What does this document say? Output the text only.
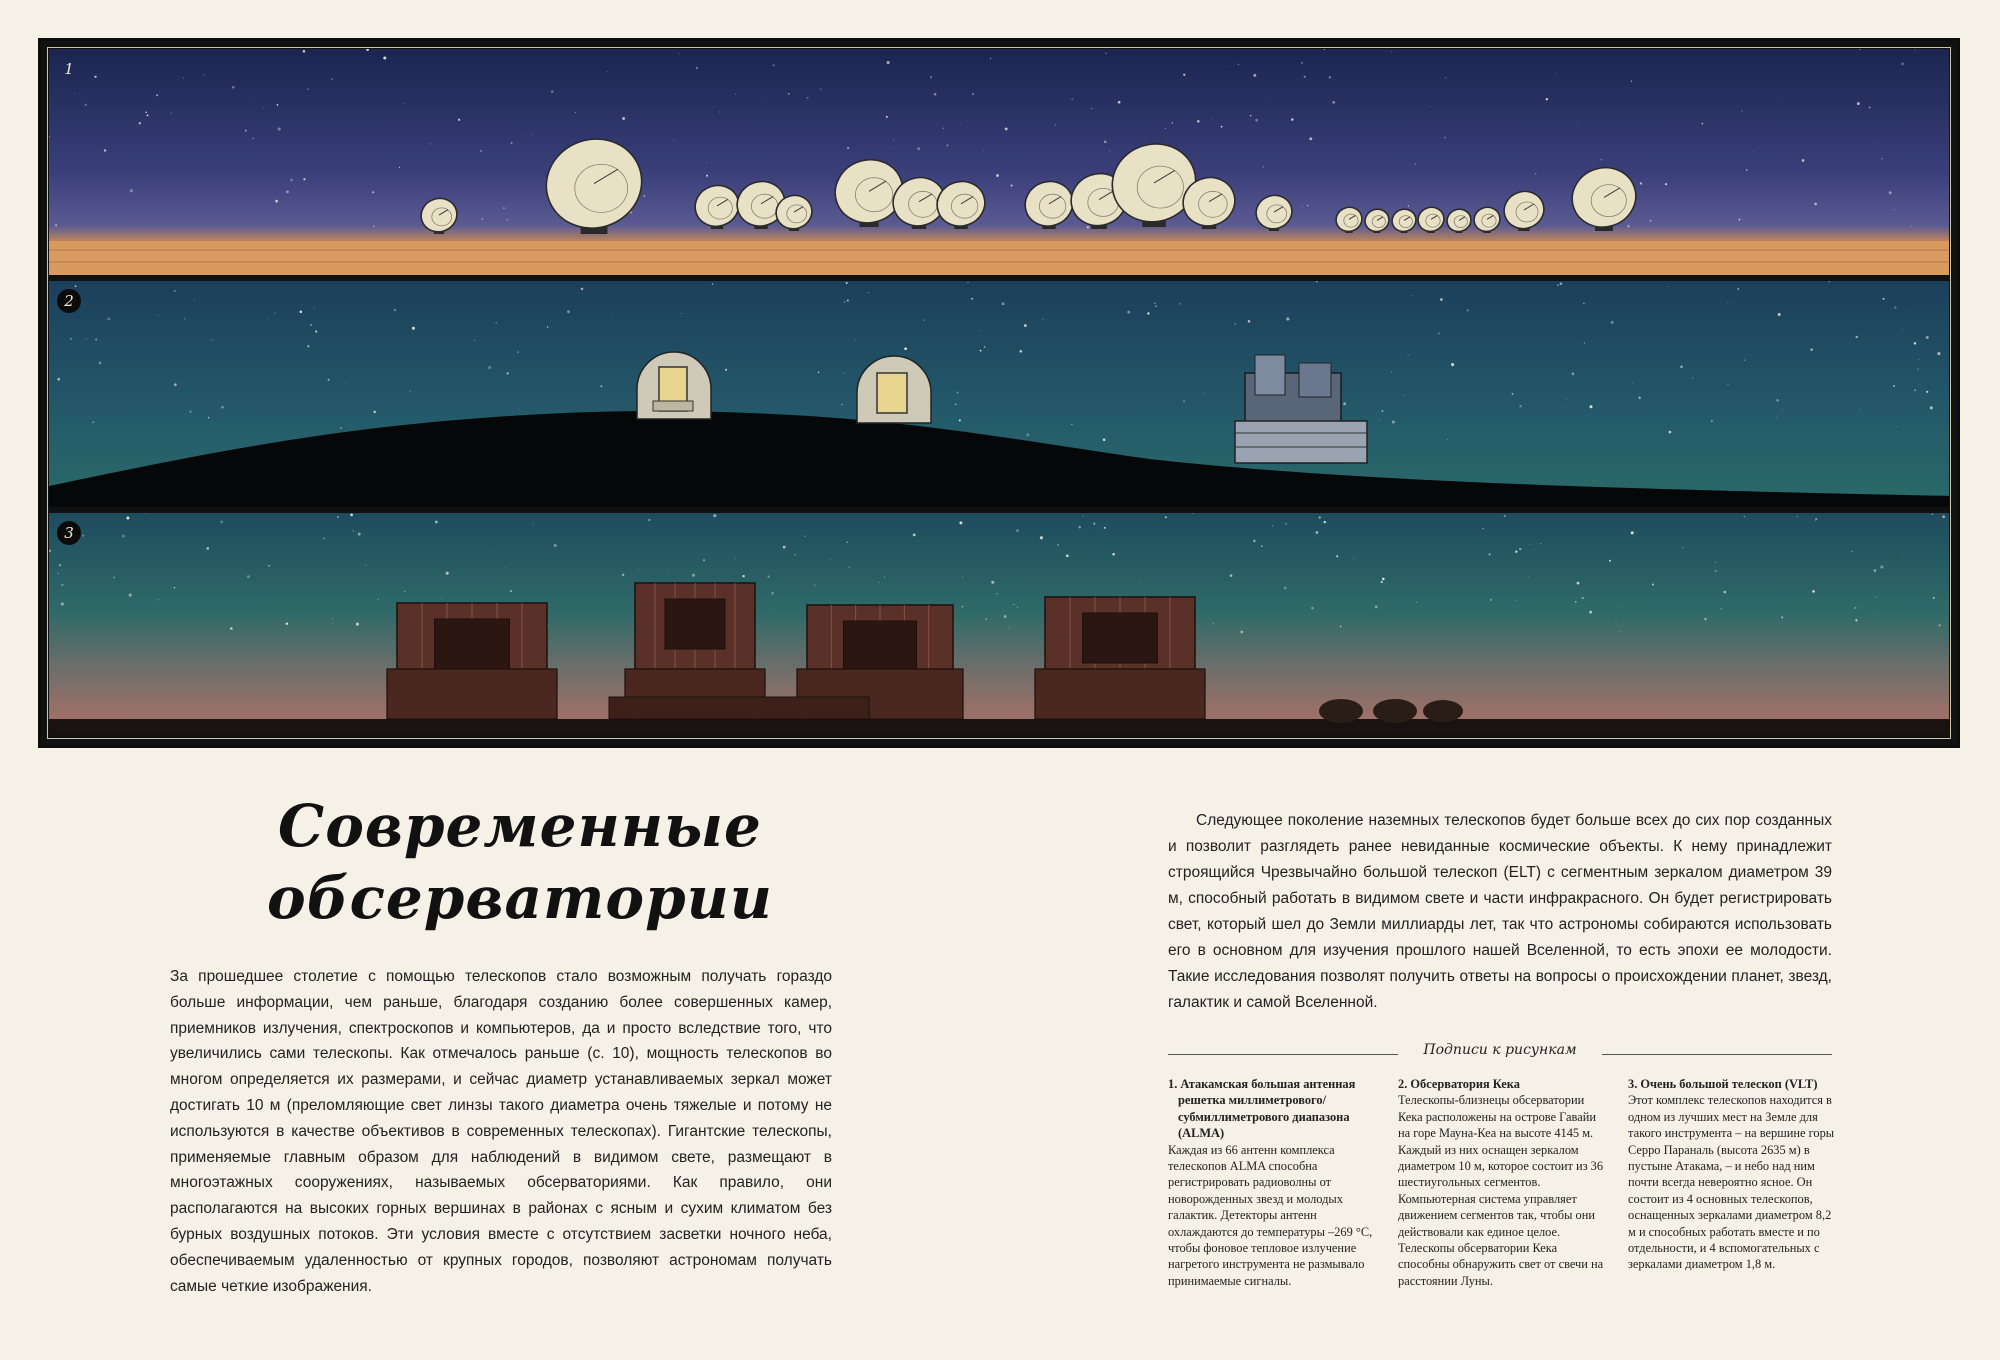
1
2
3
Современные
обсерватории

За прошедшее столетие с помощью телескопов стало возможным получать гораздо больше информации, чем раньше, благодаря созданию более совершенных камер, приемников излучения, спектроскопов и компьютеров, да и просто вследствие того, что увеличились сами телескопы. Как отмечалось раньше (с. 10), мощность телескопов во многом определяется их размерами, и сейчас диаметр устанавливаемых зеркал может достигать 10 м (преломляющие свет линзы такого диаметра очень тяжелые и потому не используются в качестве объективов в современных телескопах). Гигантские телескопы, применяемые главным образом для наблюдений в видимом свете, размещают в многоэтажных сооружениях, называемых обсерваториями. Как правило, они располагаются на высоких горных вершинах в районах с ясным и сухим климатом без бурных воздушных потоков. Эти условия вместе с отсутствием засветки ночного неба, обеспечиваемым удаленностью от крупных городов, позволяют астрономам получать самые четкие изображения.

Следующее поколение наземных телескопов будет больше всех до сих пор созданных и позволит разглядеть ранее невиданные космические объекты. К нему принадлежит строящийся Чрезвычайно большой телескоп (ELT) с сегментным зеркалом диаметром 39 м, способный работать в видимом свете и части инфракрасного. Он будет регистрировать свет, который шел до Земли миллиарды лет, так что астрономы собираются использовать его в основном для изучения прошлого нашей Вселенной, то есть эпохи ее молодости. Такие исследования позволят получить ответы на вопросы о происхождении планет, звезд, галактик и самой Вселенной.

Подписи к рисункам
1. Атакамская большая антенная решетка миллиметрового/ субмиллиметрового диапазона (ALMA)
Каждая из 66 антенн комплекса телескопов ALMA способна регистрировать радиоволны от новорожденных звезд и молодых галактик. Детекторы антенн охлаждаются до температуры –269 °C, чтобы фоновое тепловое излучение нагретого инструмента не размывало принимаемые сигналы.
2. Обсерватория Кека
Телескопы-близнецы обсерватории Кека расположены на острове Гавайи на горе Мауна-Кеа на высоте 4145 м. Каждый из них оснащен зеркалом диаметром 10 м, которое состоит из 36 шестиугольных сегментов. Компьютерная система управляет движением сегментов так, чтобы они действовали как единое целое. Телескопы обсерватории Кека способны обнаружить свет от свечи на расстоянии Луны.
3. Очень большой телескоп (VLT)
Этот комплекс телескопов находится в одном из лучших мест на Земле для такого инструмента – на вершине горы Серро Параналь (высота 2635 м) в пустыне Атакама, – и небо над ним почти всегда невероятно ясное. Он состоит из 4 основных телескопов, оснащенных зеркалами диаметром 8,2 м и способных работать вместе и по отдельности, и 4 вспомогательных с зеркалами диаметром 1,8 м.
